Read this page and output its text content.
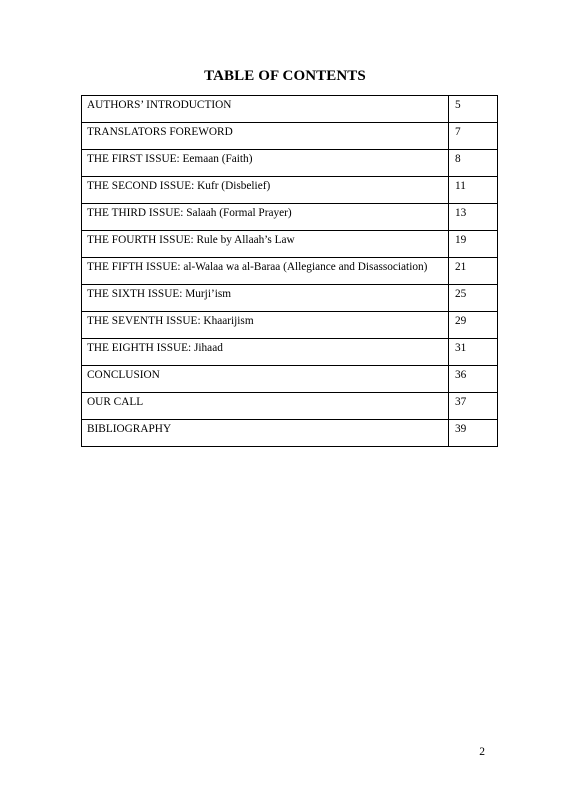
TABLE OF CONTENTS
AUTHORS’ INTRODUCTION	5
TRANSLATORS FOREWORD	7
THE FIRST ISSUE: Eemaan (Faith)	8
THE SECOND ISSUE: Kufr (Disbelief)	11
THE THIRD ISSUE: Salaah (Formal Prayer)	13
THE FOURTH ISSUE: Rule by Allaah’s Law	19
THE FIFTH ISSUE: al-Walaa wa al-Baraa (Allegiance and Disassociation)	21
THE SIXTH ISSUE: Murji’ism	25
THE SEVENTH ISSUE: Khaarijism	29
THE EIGHTH ISSUE: Jihaad	31
CONCLUSION	36
OUR CALL	37
BIBLIOGRAPHY	39
2
